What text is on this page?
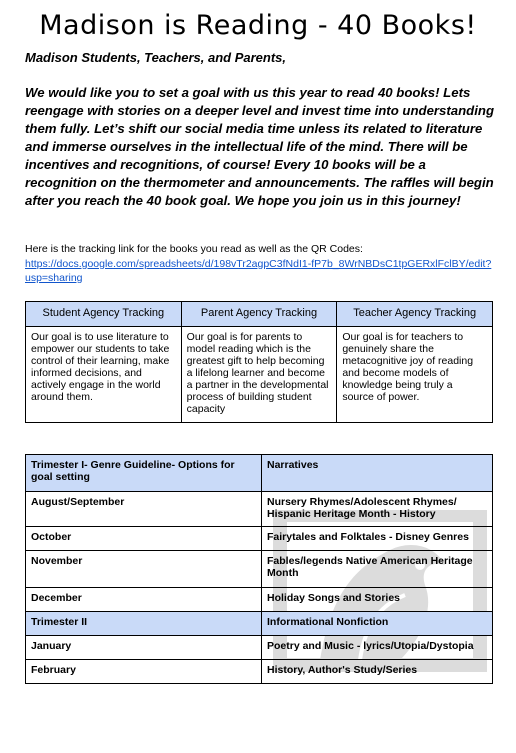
Madison is Reading - 40 Books!
Madison Students, Teachers, and Parents,
We would like you to set a goal with us this year to read 40 books! Lets reengage with stories on a deeper level and invest time into understanding them fully. Let’s shift our social media time unless its related to literature and immerse ourselves in the intellectual life of the mind. There will be incentives and recognitions, of course! Every 10 books will be a recognition on the thermometer and announcements. The raffles will begin after you reach the 40 book goal. We hope you join us in this journey!
Here is the tracking link for the books you read as well as the QR Codes:
https://docs.google.com/spreadsheets/d/198vTr2agpC3fNdI1-fP7b_8WrNBDsC1tpGERxlFclBY/edit?usp=sharing
Student Agency Tracking	Parent Agency Tracking	Teacher Agency Tracking
Our goal is to use literature to empower our students to take control of their learning, make informed decisions, and actively engage in the world around them.	Our goal is for parents to model reading which is the greatest gift to help becoming a lifelong learner and become a partner in the developmental process of building student capacity	Our goal is for teachers to genuinely share the metacognitive joy of reading and become models of knowledge being truly a source of power.
Trimester I- Genre Guideline- Options for goal setting	Narratives
August/September	Nursery Rhymes/Adolescent Rhymes/ Hispanic Heritage Month - History
October	Fairytales and Folktales - Disney Genres
November	Fables/legends Native American Heritage Month
December	Holiday Songs and Stories
Trimester II	Informational Nonfiction
January	Poetry and Music - lyrics/Utopia/Dystopia
February	History, Author's Study/Series
